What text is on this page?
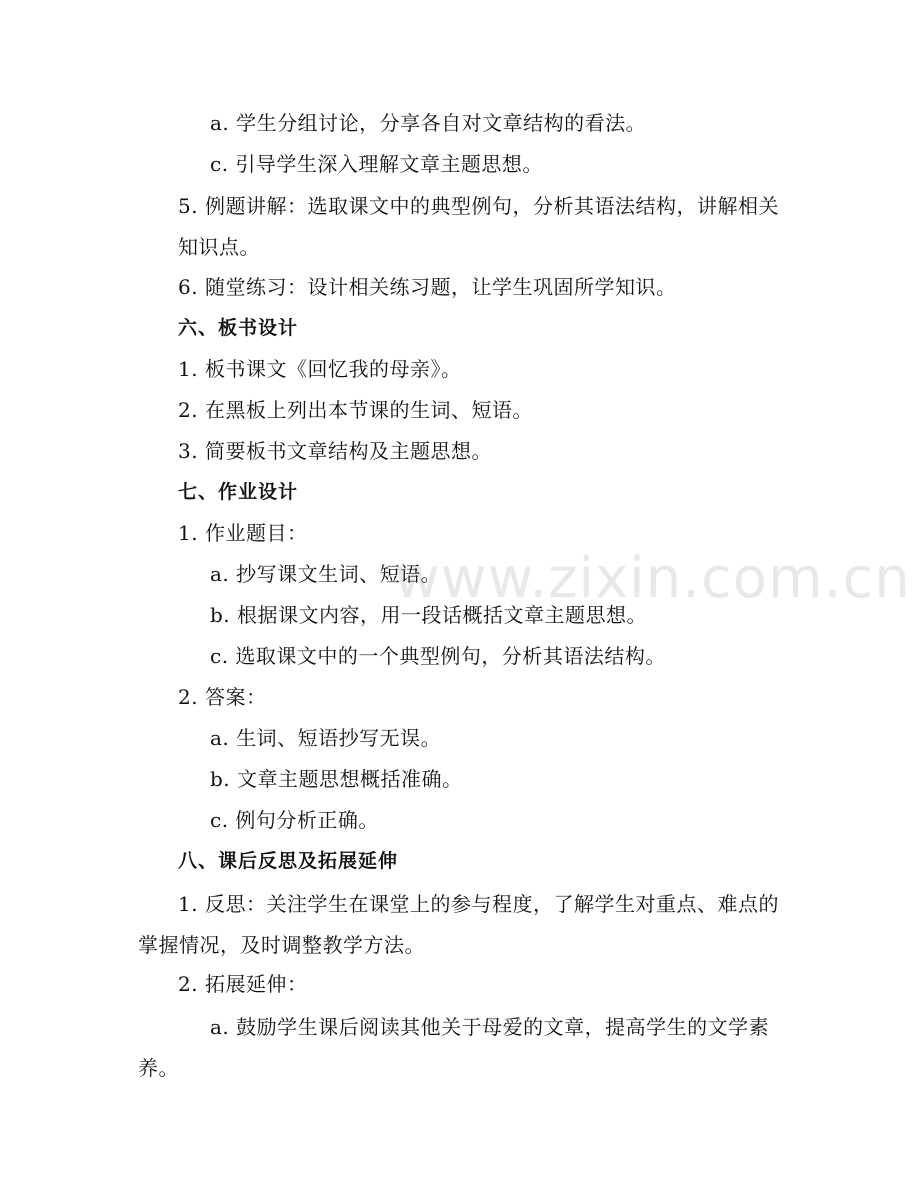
www.zixin.com.cn
a. 学生分组讨论，分享各自对文章结构的看法。
c. 引导学生深入理解文章主题思想。
5. 例题讲解：选取课文中的典型例句，分析其语法结构，讲解相关知识点。
6. 随堂练习：设计相关练习题，让学生巩固所学知识。
六、板书设计
1. 板书课文《回忆我的母亲》。
2. 在黑板上列出本节课的生词、短语。
3. 简要板书文章结构及主题思想。
七、作业设计
1. 作业题目：
a. 抄写课文生词、短语。
b. 根据课文内容，用一段话概括文章主题思想。
c. 选取课文中的一个典型例句，分析其语法结构。
2. 答案：
a. 生词、短语抄写无误。
b. 文章主题思想概括准确。
c. 例句分析正确。
八、课后反思及拓展延伸
1. 反思：关注学生在课堂上的参与程度，了解学生对重点、难点的掌握情况，及时调整教学方法。
2. 拓展延伸：
a. 鼓励学生课后阅读其他关于母爱的文章，提高学生的文学素养。
